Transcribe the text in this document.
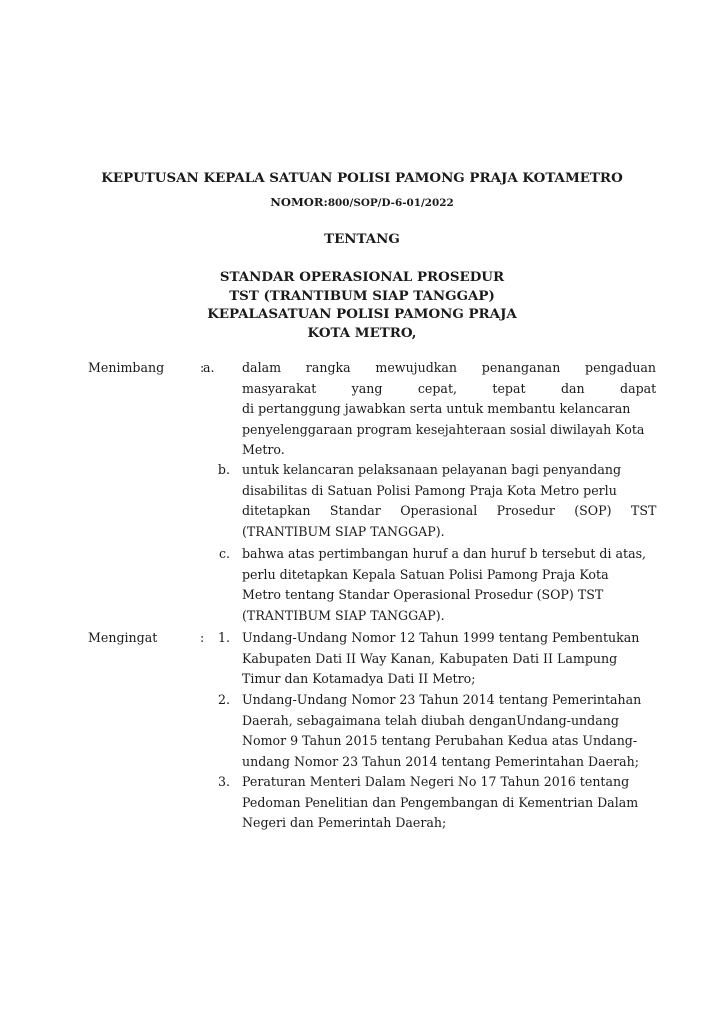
KEPUTUSAN KEPALA SATUAN POLISI PAMONG PRAJA KOTAMETRO
NOMOR:800/SOP/D-6-01/2022
TENTANG
STANDAR OPERASIONAL PROSEDUR
TST (TRANTIBUM SIAP TANGGAP)
KEPALASATUAN POLISI PAMONG PRAJA
KOTA METRO,
Menimbang	:
a.	dalam rangka mewujudkan penanganan pengaduan
masyarakat yang cepat, tepat dan dapat
di pertanggung jawabkan serta untuk membantu kelancaran
penyelenggaraan program kesejahteraan sosial diwilayah Kota
Metro.
b. untuk kelancaran pelaksanaan pelayanan bagi penyandang
disabilitas di Satuan Polisi Pamong Praja Kota Metro perlu
ditetapkan Standar Operasional Prosedur (SOP) TST
(TRANTIBUM SIAP TANGGAP).
c. bahwa atas pertimbangan huruf a dan huruf b tersebut di atas,
perlu ditetapkan Kepala Satuan Polisi Pamong Praja Kota
Metro tentang Standar Operasional Prosedur (SOP) TST
(TRANTIBUM SIAP TANGGAP).
Mengingat	:	1. Undang-Undang Nomor 12 Tahun 1999 tentang Pembentukan
Kabupaten Dati II Way Kanan, Kabupaten Dati II Lampung
Timur dan Kotamadya Dati II Metro;
2. Undang-Undang Nomor 23 Tahun 2014 tentang Pemerintahan
Daerah, sebagaimana telah diubah denganUndang-undang
Nomor 9 Tahun 2015 tentang Perubahan Kedua atas Undang-
undang Nomor 23 Tahun 2014 tentang Pemerintahan Daerah;
3. Peraturan Menteri Dalam Negeri No 17 Tahun 2016 tentang
Pedoman Penelitian dan Pengembangan di Kementrian Dalam
Negeri dan Pemerintah Daerah;
